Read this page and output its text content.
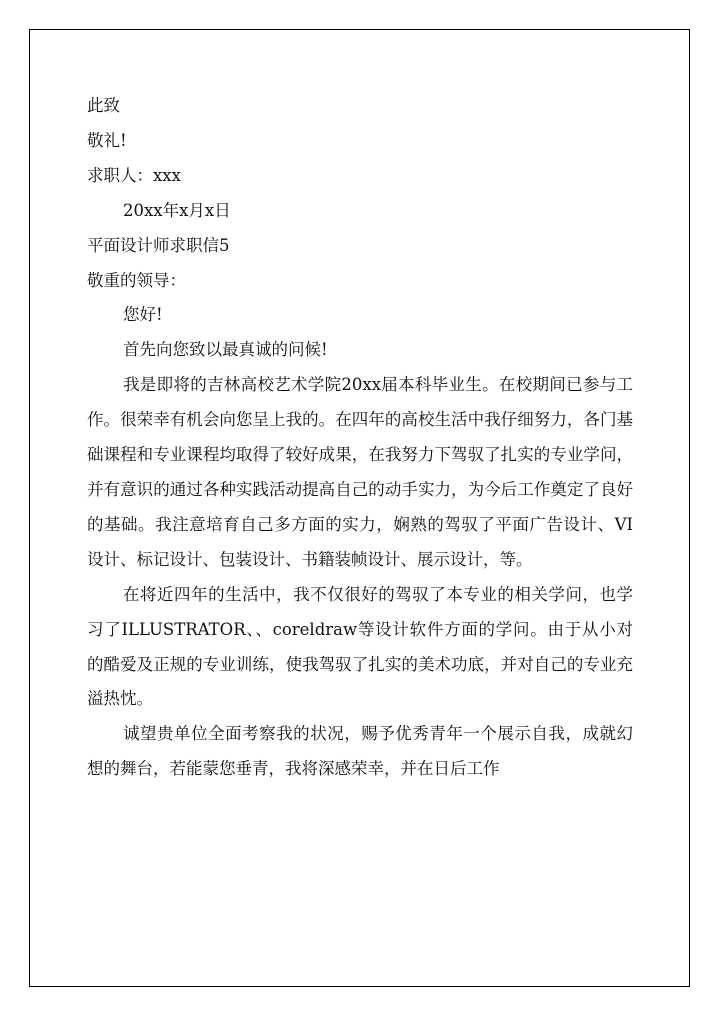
此致
敬礼!
求职人：xxx
20xx年x月x日
平面设计师求职信5
敬重的领导：
您好!

首先向您致以最真诚的问候!

我是即将的吉林高校艺术学院20xx届本科毕业生。在校期间已参与工作。很荣幸有机会向您呈上我的。在四年的高校生活中我仔细努力，各门基础课程和专业课程均取得了较好成果，在我努力下驾驭了扎实的专业学问，并有意识的通过各种实践活动提高自己的动手实力，为今后工作奠定了良好的基础。我注意培育自己多方面的实力，娴熟的驾驭了平面广告设计、VI设计、标记设计、包装设计、书籍装帧设计、展示设计，等。

在将近四年的生活中，我不仅很好的驾驭了本专业的相关学问，也学习了ILLUSTRATOR、、coreldraw等设计软件方面的学问。由于从小对的酷爱及正规的专业训练，使我驾驭了扎实的美术功底，并对自己的专业充溢热忱。

诚望贵单位全面考察我的状况，赐予优秀青年一个展示自我，成就幻想的舞台，若能蒙您垂青，我将深感荣幸，并在日后工作
